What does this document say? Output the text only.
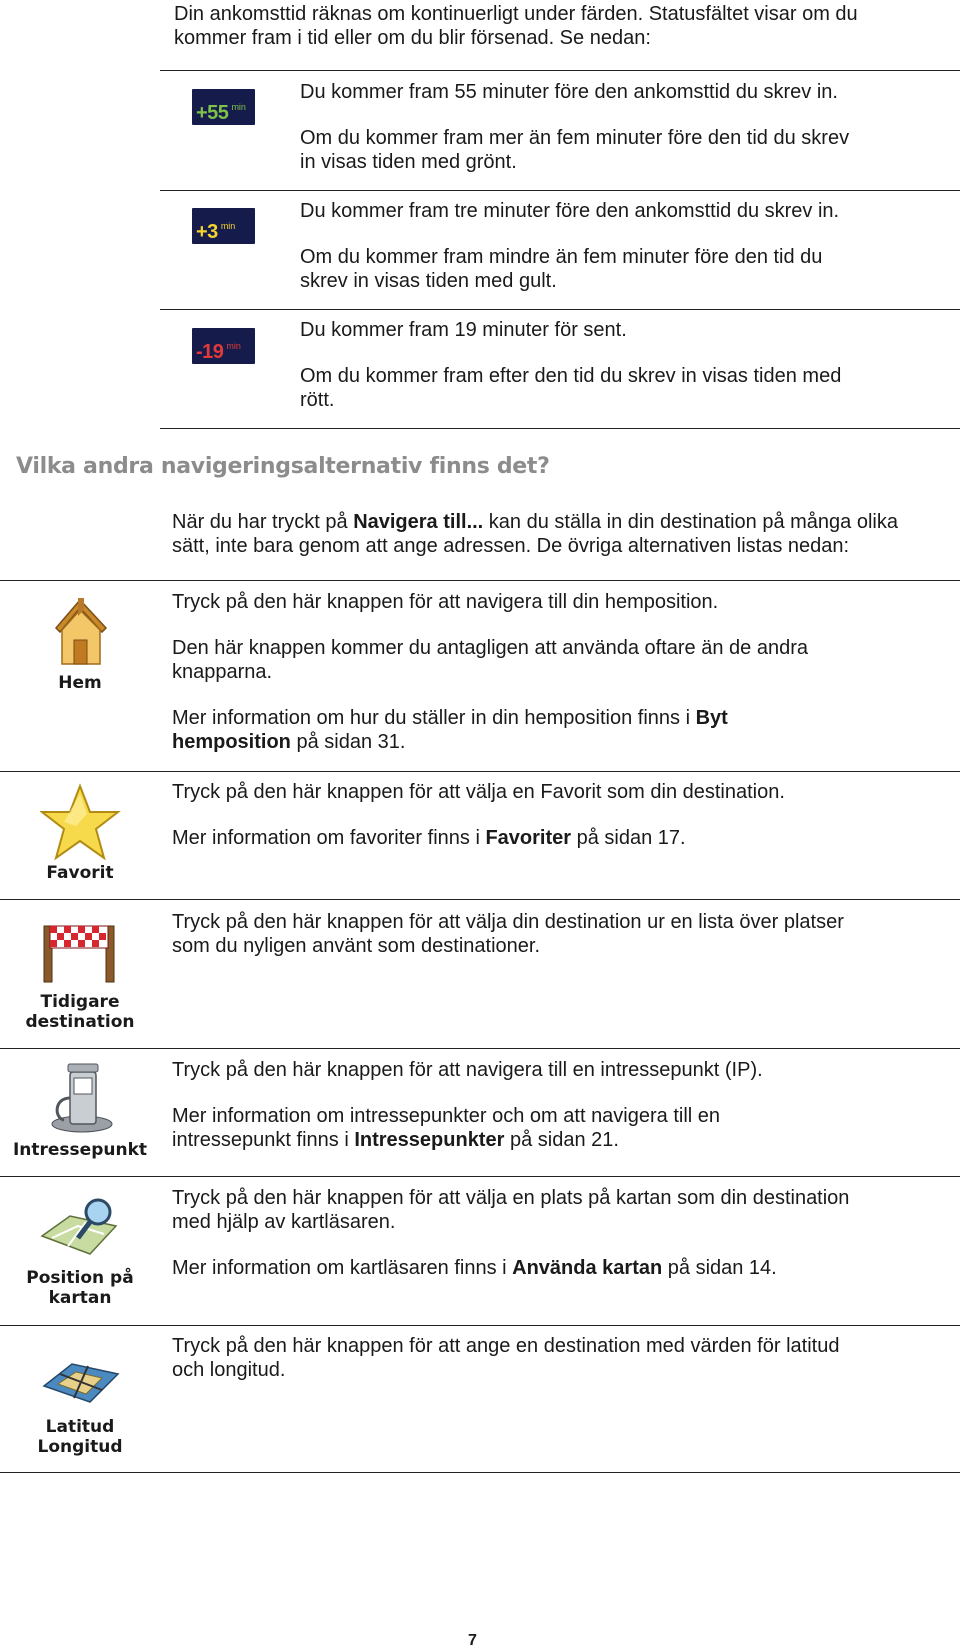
Din ankomsttid räknas om kontinuerligt under färden. Statusfältet visar om du
kommer fram i tid eller om du blir försenad. Se nedan:
+55 $^{min}$
Du kommer fram 55 minuter före den ankomsttid du skrev in.
Om du kommer fram mer än fem minuter före den tid du skrev
in visas tiden med grönt.
+3 $^{min}$
Du kommer fram tre minuter före den ankomsttid du skrev in.
Om du kommer fram mindre än fem minuter före den tid du
skrev in visas tiden med gult.
-19 $^{min}$
Du kommer fram 19 minuter för sent.
Om du kommer fram efter den tid du skrev in visas tiden med
rött.
Vilka andra navigeringsalternativ finns det?
När du har tryckt på Navigera till... kan du ställa in din destination på många olika
sätt, inte bara genom att ange adressen. De övriga alternativen listas nedan:
Hem
Tryck på den här knappen för att navigera till din hemposition.
Den här knappen kommer du antagligen att använda oftare än de andra
knapparna.
Mer information om hur du ställer in din hemposition finns i Byt
hemposition på sidan 31.
Favorit
Tryck på den här knappen för att välja en Favorit som din destination.
Mer information om favoriter finns i Favoriter på sidan 17.
Tidigare
destination
Tryck på den här knappen för att välja din destination ur en lista över platser
som du nyligen använt som destinationer.
Intressepunkt
Tryck på den här knappen för att navigera till en intressepunkt (IP).
Mer information om intressepunkter och om att navigera till en
intressepunkt finns i Intressepunkter på sidan 21.
Position på
kartan
Tryck på den här knappen för att välja en plats på kartan som din destination
med hjälp av kartläsaren.
Mer information om kartläsaren finns i Använda kartan på sidan 14.
Latitud
Longitud
Tryck på den här knappen för att ange en destination med värden för latitud
och longitud.
7
